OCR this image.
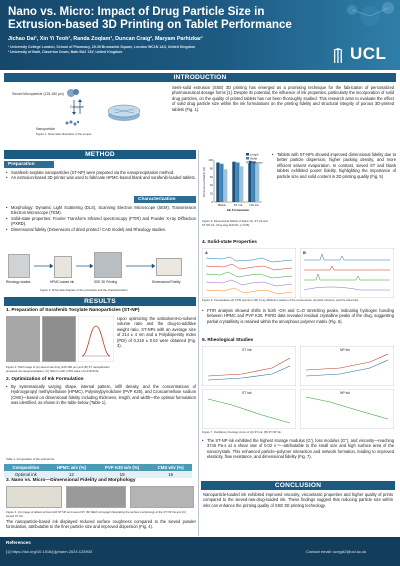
Nano vs. Micro: Impact of Drug Particle Size in Extrusion-based 3D Printing on Tablet Performance
Jichao Dai¹, Xin Yi Teoh¹, Randa Zoqlam¹, Duncan Craig², Maryam Parhizkar¹
¹ University College London, School of Pharmacy, 29-39 Brunswick Square, London WC1N 1AX, United Kingdom
² University of Bath, Claverton Down, Bath BA2 7AY, United Kingdom	UCL
INTRODUCTION
Sieved Microparticle (125-180 μm)
Compare
Nanoparticle
Figure 1. Schematic illustration of the project.
Semi-solid extrusion (SSE) 3D printing has emerged as a promising technique for the fabrication of personalized pharmaceutical dosage forms [1]. Despite its potential, the influence of ink properties, particularly the incorporation of solid drug particles, on the quality of printed tablets has not been thoroughly studied. This research aims to evaluate the effect of solid drug particle size within the ink formulations on the printing fidelity and structural integrity of porous 3D-printed tablets (Fig. 1).
METHOD
Preparation
• Sorafenib tosylate nanoparticles (ST-NP) were prepared via the nanoprecipitation method.
• An extrusion-based 3D printer was used to fabricate HPMC-based blank and sorafenib-loaded tablets.
Characterization
• Morphology: Dynamic Light Scattering (DLS), Scanning Electron Microscope (SEM), Transmission Electron Microscope (TEM).
• Solid-state properties: Fourier Transform Infrared spectroscopy (FTIR) and Powder X-ray Diffraction (PXRD).
• Dimensional fidelity (Dimensions of dried printed / CAD model) and Rheology studies.
Rheology studies	HPMC-based ink	SSE 3D Printing	Dimensional Fidelity
Figure 2. Schematic diagram of the procedure and the characterization.
RESULTS
1. Preparation of Sorafenib Tosylate Nanoparticles (ST-NP)
Upon optimizing the antisolvent-to-solvent volume ratio and the drug-to-additive weight ratio, ST-NPs with an average size of 214 ± 4 nm and a Polydispersity Index (PDI) of 0.219 ± 0.02 were obtained (Fig. 3).
Figure 3. TEM image of (A) sieved raw drug (125-180 μm) and (B) ST nanoparticles prepared via nanoprecipitation. (C) NHI-nm with a PDI value of 0.219±0.02.
2. Optimization of Ink Formulation
• By systematically varying shape, internal pattern, infill density, and the concentrations of Hydroxypropyl methylcellulose (HPMC), Polyvinylpyrrolidone (PVP K30), and Croscarmellose sodium (CMS)—based on dimensional fidelity including thickness, length, and width—the optimal formulation was identified, as shown in the table below (Table 1).
Table 1. Composition of the optimal ink.
Composition	HPMC w/v (%)	PVP K30 w/v (%)	CMS w/v (%)
Optimal ink	12	18	16
3. Nano vs. Micro—Dimensional Fidelity and Morphology
Figure 4. (A) Image of tablets printed with ST NP and sieved ST. (B) SEM micrograph illustrating the surface morphology of the ST NP ink and (C) sieved ST ink.
The nanoparticle-based ink displayed reduced surface roughness compared to the sieved powder formulation, attributable to the finer particle size and improved dispersion (Fig. 4).
0
20
40
60
80
100
Dimensional Fidelity (%)
Blank	ST ink NG ink
Ink Formulation
Length
Width
Thickness
Figure 5. Dimensional fidelity of blank ink, ST ink and ST NP ink. (One way ANOVA, p<0.05)
• Tablets with ST-NPs showed improved dimensional fidelity due to better particle dispersion, higher packing density, and more efficient solvent evaporation. In contrast, sieved ST and blank tablets exhibited poorer fidelity, highlighting the importance of particle size and solid content in 3D printing quality (Fig. 5)
4. Solid-state Properties
A	B
Figure 6. Comparative (A) FTIR spectrum (B) X-ray diffraction pattern of the components, physical mixtures, and the dried inks.
• FTIR analysis showed shifts in both -OH and C=O stretching peaks, indicating hydrogen bonding between HPMC and PVP K30. PXRD data revealed residual crystalline peaks of the drug, suggesting partial crystallinity is retained within the amorphous polymer matrix (Fig. 6).
5. Rheological Studies
ST ink	NP ink
ST ink	NP ink
Figure 7. Oscillatory rheology curve of (A) ST ink, (B) ST NP ink.
• The ST-NP ink exhibited the highest storage modulus (G'), loss modulus (G''), and viscosity—reaching 3745 Pa·s at a shear rate of 0.02 s⁻¹—attributable to the small size and high surface area of the nanocrystals. This enhanced particle–polymer interaction and network formation, leading to improved elasticity, flow resistance, and dimensional fidelity (Fig. 7).
CONCLUSION
Nanoparticle-loaded ink exhibited improved viscosity, viscoelastic properties and higher quality of prints compared to the sieved-raw-drug-loaded ink. These findings suggest that reducing particle size within inks can enhance the printing quality of SSE 3D printing technology.
References
[1] https://doi.org/10.1016/j.ijpharm.2024.123903	Contact email: ucnyjd2@ucl.ac.uk
